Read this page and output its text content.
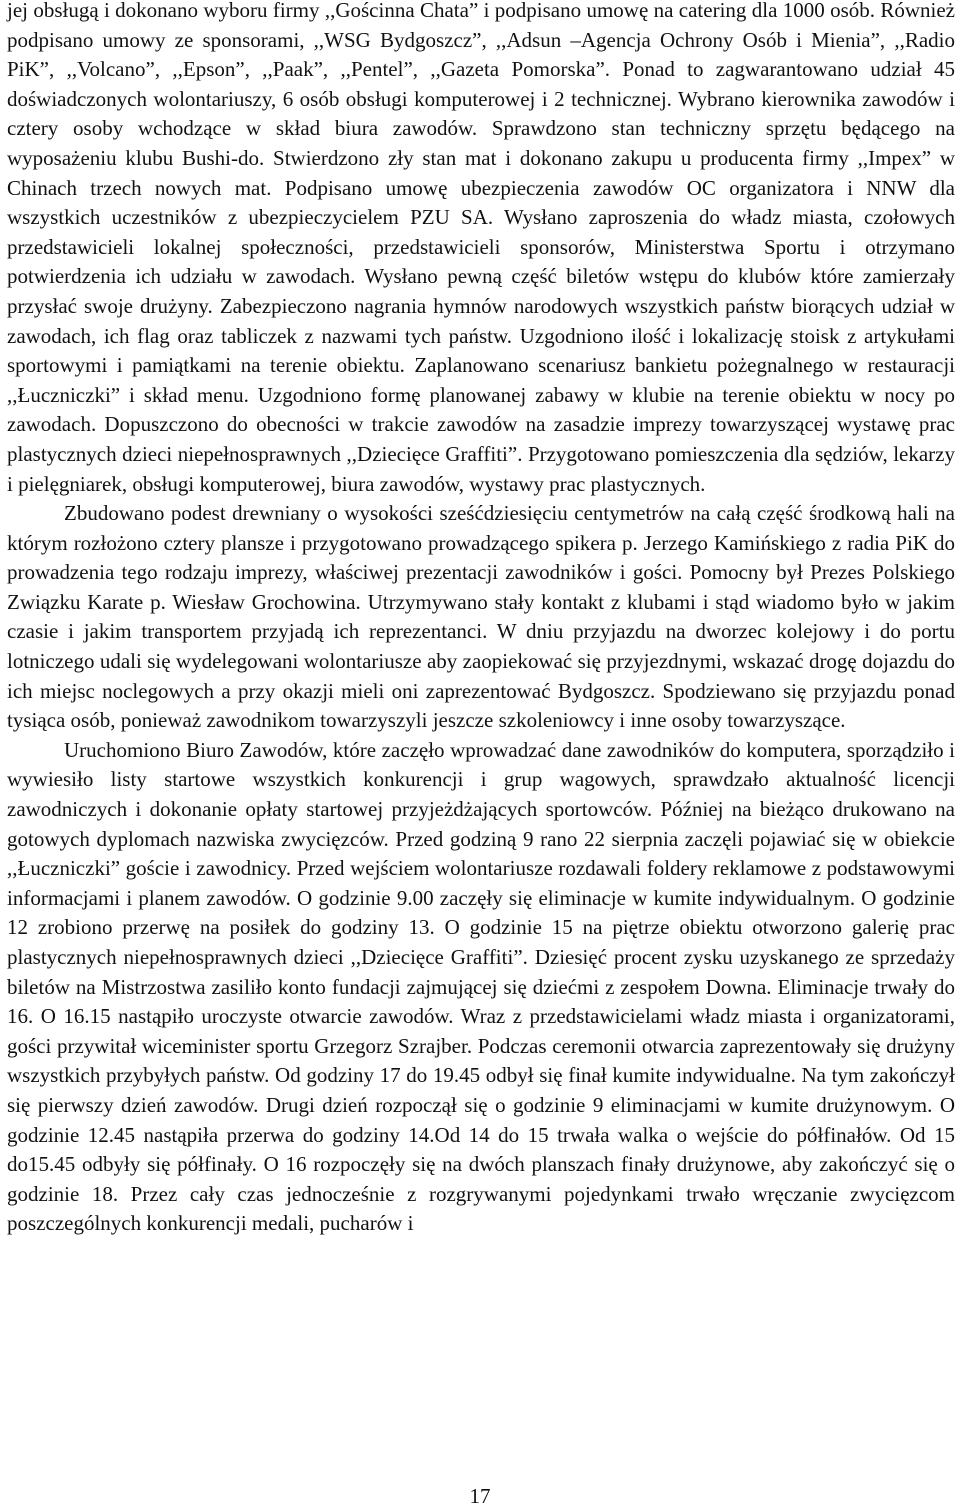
jej obsługą i dokonano wyboru firmy ,,Gościnna Chata” i podpisano umowę na catering dla 1000 osób. Również podpisano umowy ze sponsorami, ,,WSG Bydgoszcz”, ,,Adsun –Agencja Ochrony Osób i Mienia”, ,,Radio PiK”, ,,Volcano”, ,,Epson”, ,,Paak”, ,,Pentel”, ,,Gazeta Pomorska”. Ponad to zagwarantowano udział 45 doświadczonych wolontariuszy, 6 osób obsługi komputerowej i 2 technicznej. Wybrano kierownika zawodów i cztery osoby wchodzące w skład biura zawodów. Sprawdzono stan techniczny sprzętu będącego na wyposażeniu klubu Bushi-do. Stwierdzono zły stan mat i dokonano zakupu u producenta firmy ,,Impex” w Chinach trzech nowych mat. Podpisano umowę ubezpieczenia zawodów OC organizatora i NNW dla wszystkich uczestników z ubezpieczycielem PZU SA. Wysłano zaproszenia do władz miasta, czołowych przedstawicieli lokalnej społeczności, przedstawicieli sponsorów, Ministerstwa Sportu i otrzymano potwierdzenia ich udziału w zawodach. Wysłano pewną część biletów wstępu do klubów które zamierzały przysłać swoje drużyny. Zabezpieczono nagrania hymnów narodowych wszystkich państw biorących udział w zawodach, ich flag oraz tabliczek z nazwami tych państw. Uzgodniono ilość i lokalizację stoisk z artykułami sportowymi i pamiątkami na terenie obiektu. Zaplanowano scenariusz bankietu pożegnalnego w restauracji ,,Łuczniczki” i skład menu. Uzgodniono formę planowanej zabawy w klubie na terenie obiektu w nocy po zawodach. Dopuszczono do obecności w trakcie zawodów na zasadzie imprezy towarzyszącej wystawę prac plastycznych dzieci niepełnosprawnych ,,Dziecięce Graffiti”. Przygotowano pomieszczenia dla sędziów, lekarzy i pielęgniarek, obsługi komputerowej, biura zawodów, wystawy prac plastycznych.

Zbudowano podest drewniany o wysokości sześćdziesięciu centymetrów na całą część środkową hali na którym rozłożono cztery plansze i przygotowano prowadzącego spikera p. Jerzego Kamińskiego z radia PiK do prowadzenia tego rodzaju imprezy, właściwej prezentacji zawodników i gości. Pomocny był Prezes Polskiego Związku Karate p. Wiesław Grochowina. Utrzymywano stały kontakt z klubami i stąd wiadomo było w jakim czasie i jakim transportem przyjadą ich reprezentanci. W dniu przyjazdu na dworzec kolejowy i do portu lotniczego udali się wydelegowani wolontariusze aby zaopiekować się przyjezdnymi, wskazać drogę dojazdu do ich miejsc noclegowych a przy okazji mieli oni zaprezentować Bydgoszcz. Spodziewano się przyjazdu ponad tysiąca osób, ponieważ zawodnikom towarzyszyli jeszcze szkoleniowcy i inne osoby towarzyszące.

Uruchomiono Biuro Zawodów, które zaczęło wprowadzać dane zawodników do komputera, sporządziło i wywiesiło listy startowe wszystkich konkurencji i grup wagowych, sprawdzało aktualność licencji zawodniczych i dokonanie opłaty startowej przyjeżdżających sportowców. Później na bieżąco drukowano na gotowych dyplomach nazwiska zwycięzców. Przed godziną 9 rano 22 sierpnia zaczęli pojawiać się w obiekcie ,,Łuczniczki” goście i zawodnicy. Przed wejściem wolontariusze rozdawali foldery reklamowe z podstawowymi informacjami i planem zawodów. O godzinie 9.00 zaczęły się eliminacje w kumite indywidualnym. O godzinie 12 zrobiono przerwę na posiłek do godziny 13. O godzinie 15 na piętrze obiektu otworzono galerię prac plastycznych niepełnosprawnych dzieci ,,Dziecięce Graffiti”. Dziesięć procent zysku uzyskanego ze sprzedaży biletów na Mistrzostwa zasiliło konto fundacji zajmującej się dziećmi z zespołem Downa. Eliminacje trwały do 16. O 16.15 nastąpiło uroczyste otwarcie zawodów. Wraz z przedstawicielami władz miasta i organizatorami, gości przywitał wiceminister sportu Grzegorz Szrajber. Podczas ceremonii otwarcia zaprezentowały się drużyny wszystkich przybyłych państw. Od godziny 17 do 19.45 odbył się finał kumite indywidualne. Na tym zakończył się pierwszy dzień zawodów. Drugi dzień rozpoczął się o godzinie 9 eliminacjami w kumite drużynowym. O godzinie 12.45 nastąpiła przerwa do godziny 14.Od 14 do 15 trwała walka o wejście do półfinałów. Od 15 do15.45 odbyły się półfinały. O 16 rozpoczęły się na dwóch planszach finały drużynowe, aby zakończyć się o godzinie 18. Przez cały czas jednocześnie z rozgrywanymi pojedynkami trwało wręczanie zwycięzcom poszczególnych konkurencji medali, pucharów i

17
